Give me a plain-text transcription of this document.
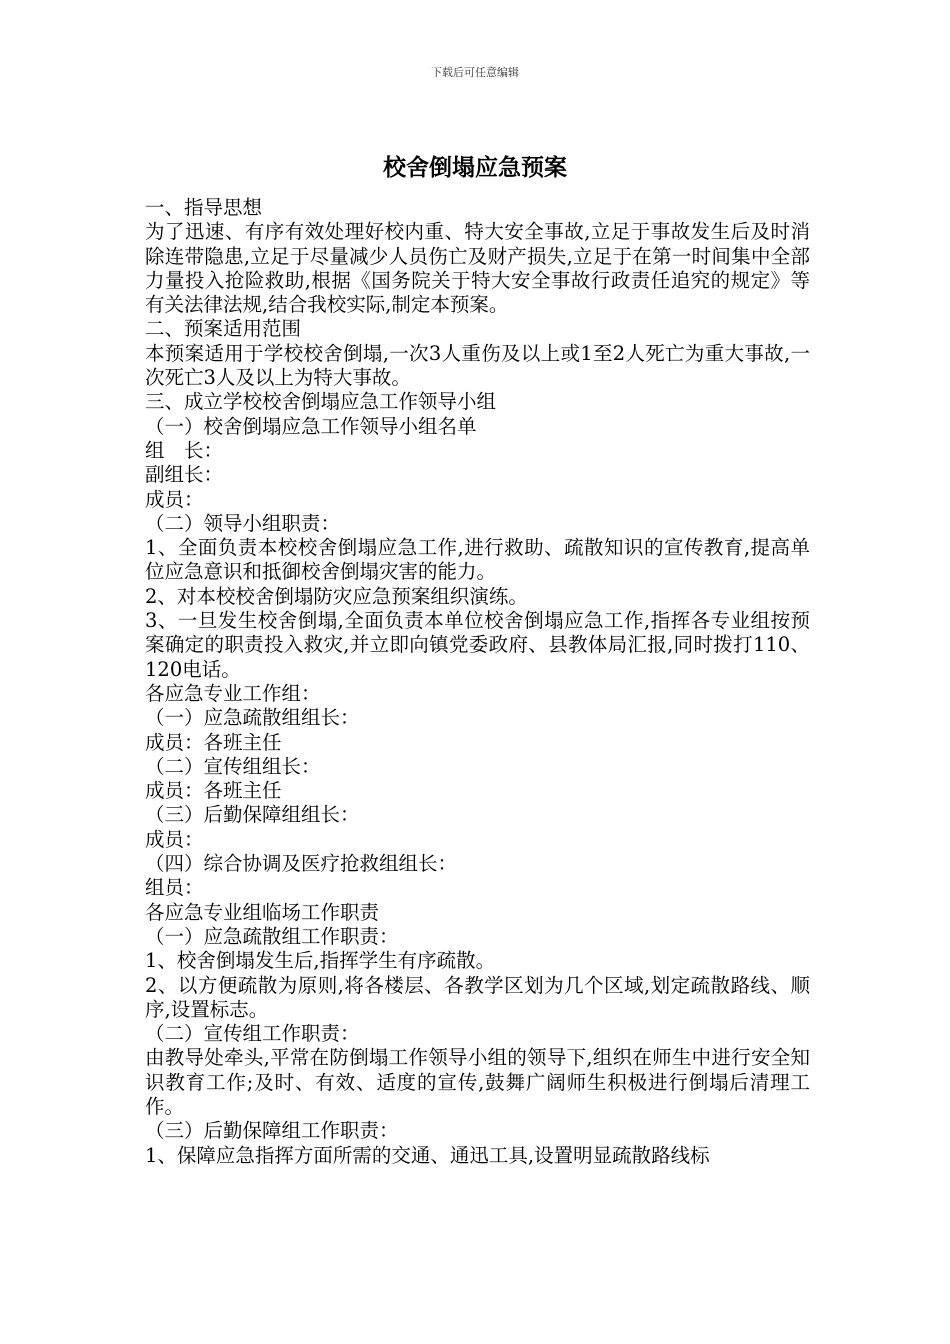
下载后可任意编辑
校舍倒塌应急预案

一、指导思想

为了迅速、有序有效处理好校内重、特大安全事故,立足于事故发生后及时消除连带隐患,立足于尽量减少人员伤亡及财产损失,立足于在第一时间集中全部力量投入抢险救助,根据《国务院关于特大安全事故行政责任追究的规定》等有关法律法规,结合我校实际,制定本预案。

二、预案适用范围

本预案适用于学校校舍倒塌,一次3人重伤及以上或1至2人死亡为重大事故,一次死亡3人及以上为特大事故。

三、成立学校校舍倒塌应急工作领导小组

（一）校舍倒塌应急工作领导小组名单

组　长：

副组长：

成员：

（二）领导小组职责：

1、全面负责本校校舍倒塌应急工作,进行救助、疏散知识的宣传教育,提高单位应急意识和抵御校舍倒塌灾害的能力。

2、对本校校舍倒塌防灾应急预案组织演练。

3、一旦发生校舍倒塌,全面负责本单位校舍倒塌应急工作,指挥各专业组按预案确定的职责投入救灾,并立即向镇党委政府、县教体局汇报,同时拨打110、120电话。

各应急专业工作组：

（一）应急疏散组组长：

成员：各班主任

（二）宣传组组长：

成员：各班主任

（三）后勤保障组组长：

成员：

（四）综合协调及医疗抢救组组长：

组员：

各应急专业组临场工作职责

（一）应急疏散组工作职责：

1、校舍倒塌发生后,指挥学生有序疏散。

2、以方便疏散为原则,将各楼层、各教学区划为几个区域,划定疏散路线、顺序,设置标志。

（二）宣传组工作职责：

由教导处牵头,平常在防倒塌工作领导小组的领导下,组织在师生中进行安全知识教育工作;及时、有效、适度的宣传,鼓舞广阔师生积极进行倒塌后清理工作。

（三）后勤保障组工作职责：

1、保障应急指挥方面所需的交通、通迅工具,设置明显疏散路线标
